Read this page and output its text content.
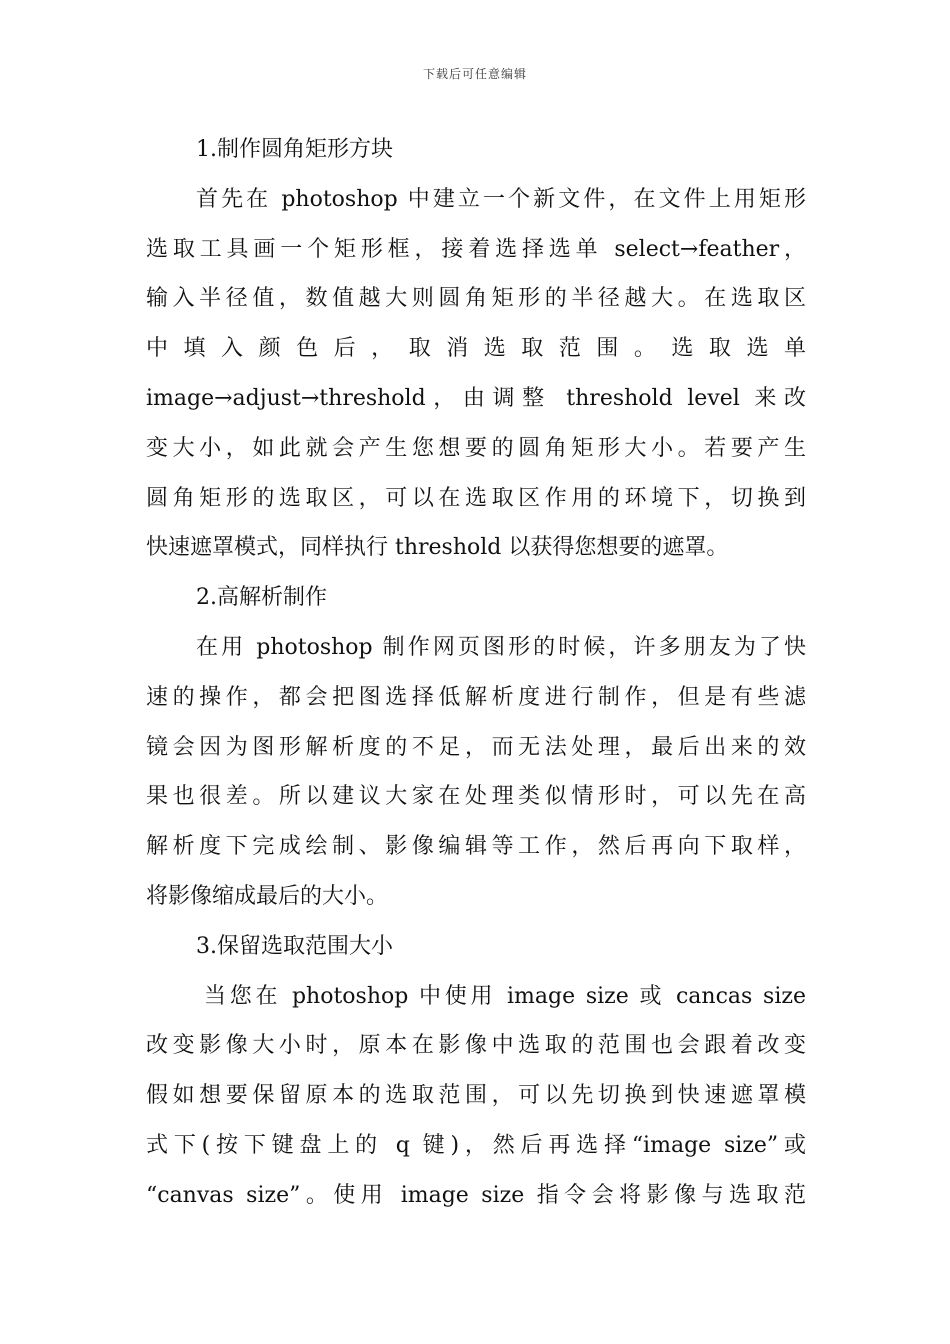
下载后可任意编辑
1.制作圆角矩形方块
首先在 photoshop 中建立一个新文件，在文件上用矩形
选取工具画一个矩形框，接着选择选单 select→feather，
输入半径值，数值越大则圆角矩形的半径越大。在选取区
中 填 入 颜 色 后 ， 取 消 选 取 范 围 。 选 取 选 单
image→adjust→threshold，由调整 threshold level 来改
变大小，如此就会产生您想要的圆角矩形大小。若要产生
圆角矩形的选取区，可以在选取区作用的环境下，切换到
快速遮罩模式，同样执行 threshold 以获得您想要的遮罩。
2.高解析制作
在用 photoshop 制作网页图形的时候，许多朋友为了快
速的操作，都会把图选择低解析度进行制作，但是有些滤
镜会因为图形解析度的不足，而无法处理，最后出来的效
果也很差。所以建议大家在处理类似情形时，可以先在高
解析度下完成绘制、影像编辑等工作，然后再向下取样，
将影像缩成最后的大小。
3.保留选取范围大小
当您在 photoshop 中使用 image size 或 cancas size
改变影像大小时，原本在影像中选取的范围也会跟着改变
假如想要保留原本的选取范围，可以先切换到快速遮罩模
式下(按下键盘上的 q 键)，然后再选择“image size”或
“canvas size”。使用 image size 指令会将影像与选取范
